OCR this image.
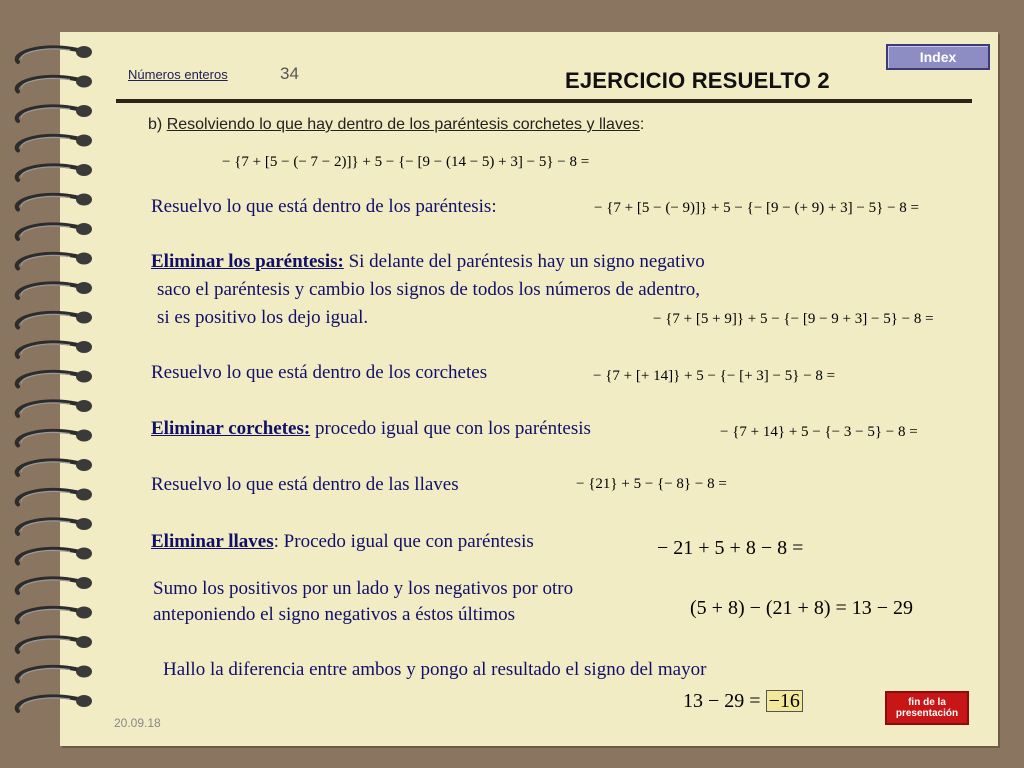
Números enteros	34	EJERCICIO RESUELTO 2
Index
b) Resolviendo lo que hay dentro de los paréntesis corchetes y llaves:
− {7 + [5 − (− 7 − 2)]} + 5 − {− [9 − (14 − 5) + 3] − 5} − 8 =
− {7 + [5 − (− 9)]} + 5 − {− [9 − (+ 9) + 3] − 5} − 8 =
− {7 + [5 + 9]} + 5 − {− [9 − 9 + 3] − 5} − 8 =
− {7 + [+ 14]} + 5 − {− [+ 3] − 5} − 8 =
− {7 + 14} + 5 − {− 3 − 5} − 8 =
− {21} + 5 − {− 8} − 8 =
− 21 + 5 + 8 − 8 =
(5 + 8) − (21 + 8) = 13 − 29
13 − 29 = −16
Resuelvo lo que está dentro de los paréntesis:
Eliminar los paréntesis: Si delante del paréntesis hay un signo negativo
saco el paréntesis y cambio los signos de todos los números de adentro,
si es positivo los dejo igual.
Resuelvo lo que está dentro de los corchetes
Eliminar corchetes: procedo igual que con los paréntesis
Resuelvo lo que está dentro de las llaves
Eliminar llaves: Procedo igual que con paréntesis
Sumo los positivos por un lado y los negativos por otro
anteponiendo el signo negativos a éstos últimos
Hallo la diferencia entre ambos y pongo al resultado el signo del mayor
20.09.18
fin de la
presentación
